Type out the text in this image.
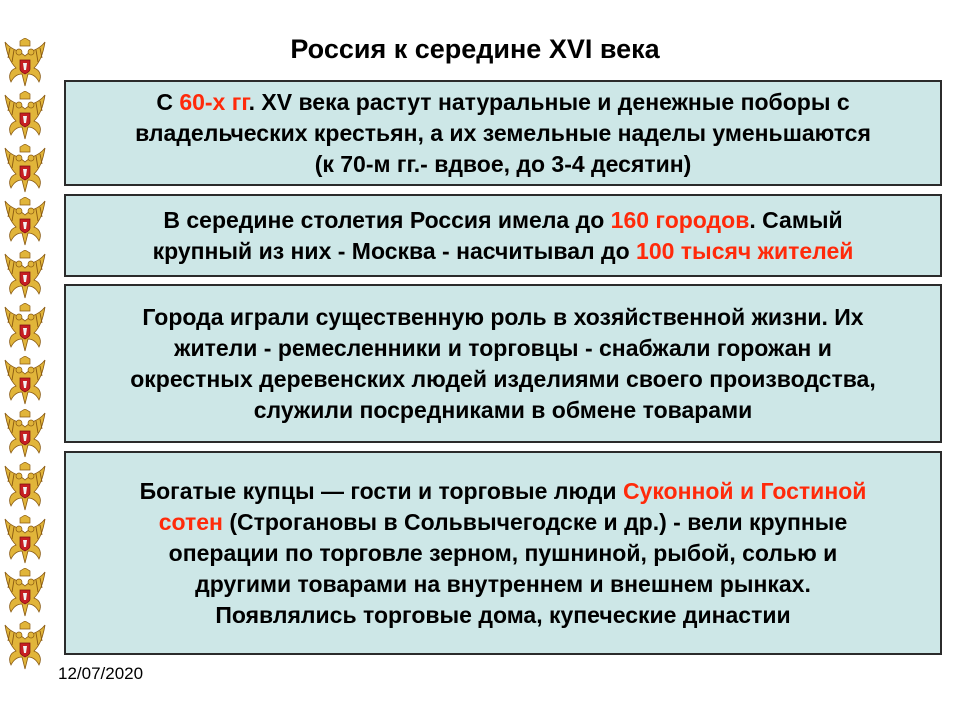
Россия к середине XVI века

С 60-х гг. XV века растут натуральные и денежные поборы с
владельческих крестьян, а их земельные наделы уменьшаются
(к 70-м гг.- вдвое, до 3-4 десятин)

В середине столетия Россия имела до 160 городов. Самый
крупный из них - Москва - насчитывал до 100 тысяч жителей

Города играли существенную роль в хозяйственной жизни. Их
жители - ремесленники и торговцы - снабжали горожан и
окрестных деревенских людей изделиями своего производства,
служили посредниками в обмене товарами

Богатые купцы — гости и торговые люди Суконной и Гостиной
сотен (Строгановы в Сольвычегодске и др.) - вели крупные
операции по торговле зерном, пушниной, рыбой, солью и
другими товарами на внутреннем и внешнем рынках.
Появлялись торговые дома, купеческие династии

12/07/2020
